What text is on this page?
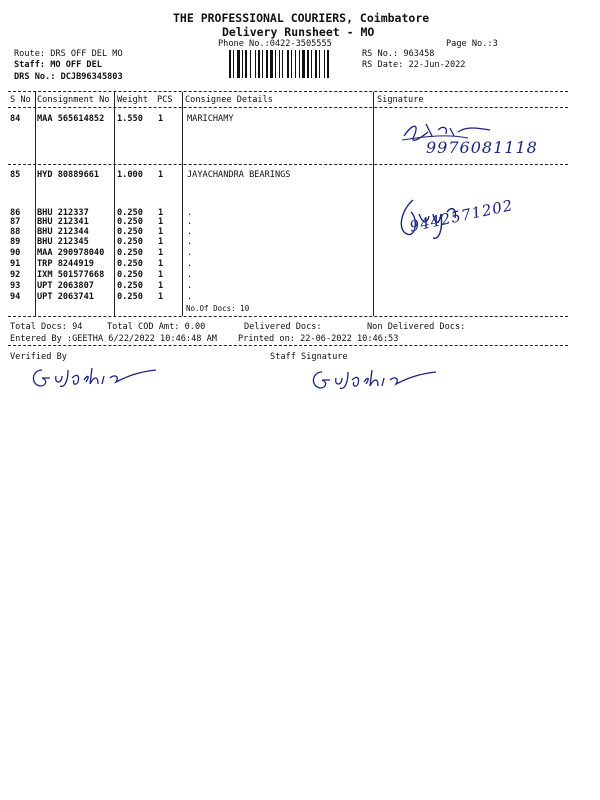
THE PROFESSIONAL COURIERS, Coimbatore
Delivery Runsheet - MO
Phone No.:0422-3505555	Page No.:3
Route: DRS OFF DEL MO
Staff: MO OFF DEL
DRS No.: DCJB96345803
RS No.: 963458
RS Date: 22-Jun-2022
S No Consignment No Weight PCS Consignee Details	Signature
84 MAA 565614852 1.550 1	MARICHAMY
85 HYD 80889661 1.000 1	JAYACHANDRA BEARINGS
86 BHU 212337	0.250 1	.
87 BHU 212341	0.250 1	.
88 BHU 212344	0.250 1	.
89 BHU 212345	0.250 1	.
90 MAA 290978040 0.250 1	.
91 TRP 8244919	0.250 1	.
92 IXM 501577668 0.250 1	.
93 UPT 2063807	0.250 1	.
94 UPT 2063741	0.250 1	.
No.Of Docs: 10
9976081118
9442571202
Total Docs: 94	Total COD Amt: 0.00	Delivered Docs:	Non Delivered Docs:
Entered By :GEETHA 6/22/2022 10:46:48 AM Printed on: 22-06-2022 10:46:53
Verified By	Staff Signature
